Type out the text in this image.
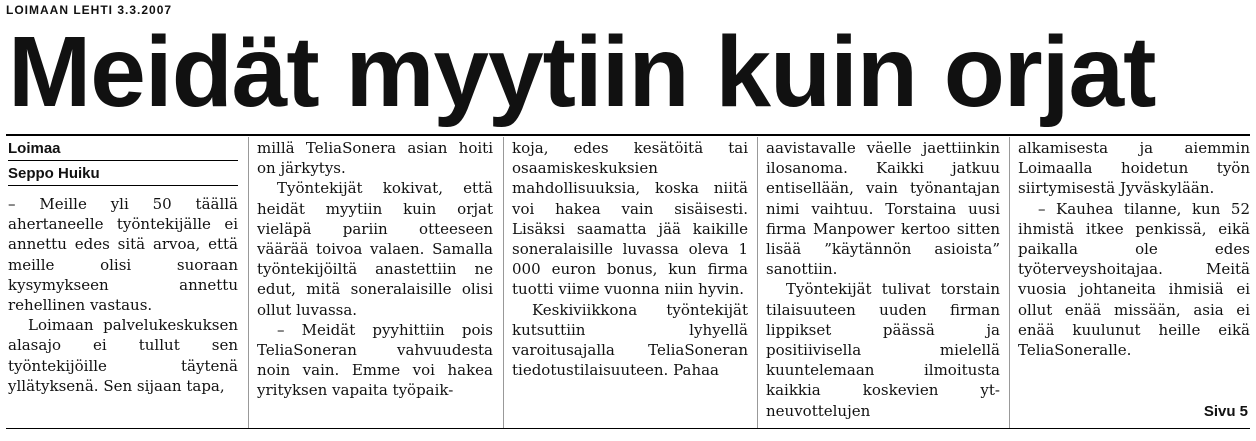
LOIMAAN LEHTI 3.3.2007
Meidät myytiin kuin orjat
Loimaa
Seppo Huiku

– Meille yli 50 täällä ahertaneelle työntekijälle ei annettu edes sitä arvoa, että meille olisi suoraan kysymykseen annettu rehellinen vastaus.

Loimaan palvelukeskuksen alasajo ei tullut sen työntekijöille täytenä yllätyksenä. Sen sijaan tapa,

millä TeliaSonera asian hoiti on järkytys.

Työntekijät kokivat, että heidät myytiin kuin orjat vieläpä pariin otteeseen väärää toivoa valaen. Samalla työntekijöiltä anastettiin ne edut, mitä soneralaisille olisi ollut luvassa.

– Meidät pyyhittiin pois TeliaSoneran vahvuudesta noin vain. Emme voi hakea yrityksen vapaita työpaik-

koja, edes kesätöitä tai osaamiskeskuksien mahdollisuuksia, koska niitä voi hakea vain sisäisesti. Lisäksi saamatta jää kaikille soneralaisille luvassa oleva 1 000 euron bonus, kun firma tuotti viime vuonna niin hyvin.

Keskiviikkona työntekijät kutsuttiin lyhyellä varoitusajalla TeliaSoneran tiedotustilaisuuteen. Pahaa

aavistavalle väelle jaettiinkin ilosanoma. Kaikki jatkuu entisellään, vain työnantajan nimi vaihtuu. Torstaina uusi firma Manpower kertoo sitten lisää ”käytännön asioista” sanottiin.

Työntekijät tulivat torstain tilaisuuteen uuden firman lippikset päässä ja positiivisella mielellä kuuntelemaan ilmoitusta kaikkia koskevien yt-neuvottelujen

alkamisesta ja aiemmin Loimaalla hoidetun työn siirtymisestä Jyväskylään.

– Kauhea tilanne, kun 52 ihmistä itkee penkissä, eikä paikalla ole edes työterveyshoitajaa. Meitä vuosia johtaneita ihmisiä ei ollut enää missään, asia ei enää kuulunut heille eikä TeliaSoneralle.

Sivu 5
